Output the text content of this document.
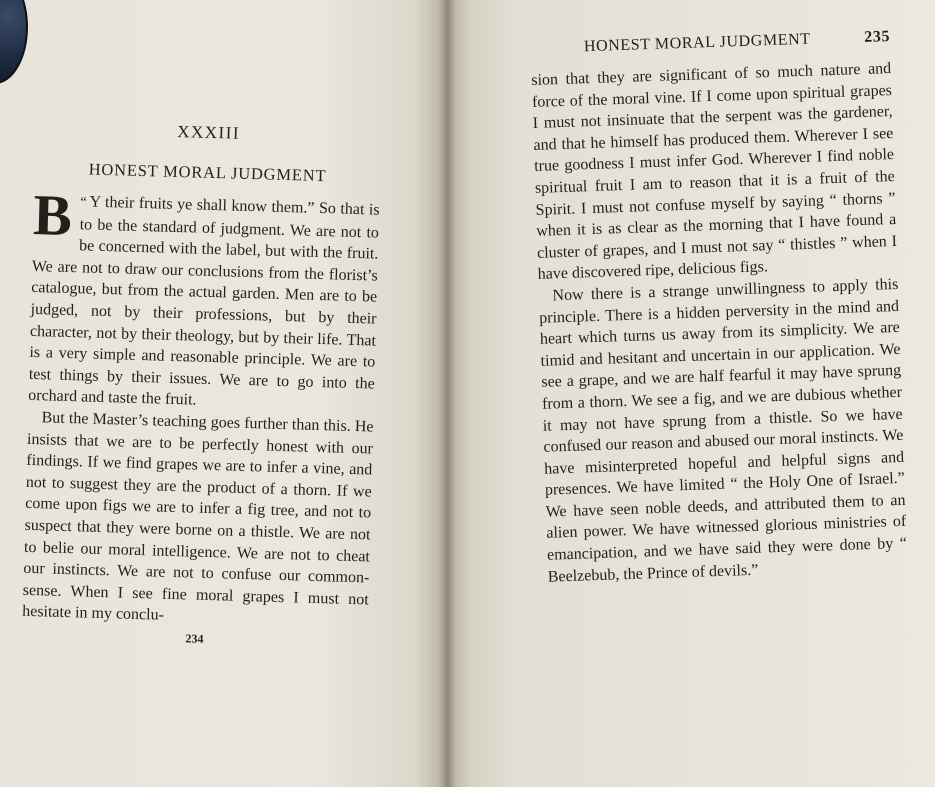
XXXIII
HONEST MORAL JUDGMENT

“
B Y their fruits ye shall know them.” So that is to be the standard of judgment. We are not to be concerned with the label, but with the fruit. We are not to draw our conclusions from the florist’s catalogue, but from the actual garden. Men are to be judged, not by their professions, but by their character, not by their theology, but by their life. That is a very simple and reasonable principle. We are to test things by their issues. We are to go into the orchard and taste the fruit.

But the Master’s teaching goes further than this. He insists that we are to be perfectly honest with our findings. If we find grapes we are to infer a vine, and not to suggest they are the product of a thorn. If we come upon figs we are to infer a fig tree, and not to suspect that they were borne on a thistle. We are not to belie our moral intelligence. We are not to cheat our instincts. We are not to confuse our common-sense. When I see fine moral grapes I must not hesitate in my conclu-

234
HONEST MORAL JUDGMENT	235

sion that they are significant of so much nature and force of the moral vine. If I come upon spiritual grapes I must not insinuate that the serpent was the gardener, and that he himself has produced them. Wherever I see true goodness I must infer God. Wherever I find noble spiritual fruit I am to reason that it is a fruit of the Spirit. I must not confuse myself by saying “ thorns ” when it is as clear as the morning that I have found a cluster of grapes, and I must not say “ thistles ” when I have discovered ripe, delicious figs.

Now there is a strange unwillingness to apply this principle. There is a hidden perversity in the mind and heart which turns us away from its simplicity. We are timid and hesitant and uncertain in our application. We see a grape, and we are half fearful it may have sprung from a thorn. We see a fig, and we are dubious whether it may not have sprung from a thistle. So we have confused our reason and abused our moral instincts. We have misinterpreted hopeful and helpful signs and presences. We have limited “ the Holy One of Israel.” We have seen noble deeds, and attributed them to an alien power. We have witnessed glorious ministries of emancipation, and we have said they were done by “ Beelzebub, the Prince of devils.”
